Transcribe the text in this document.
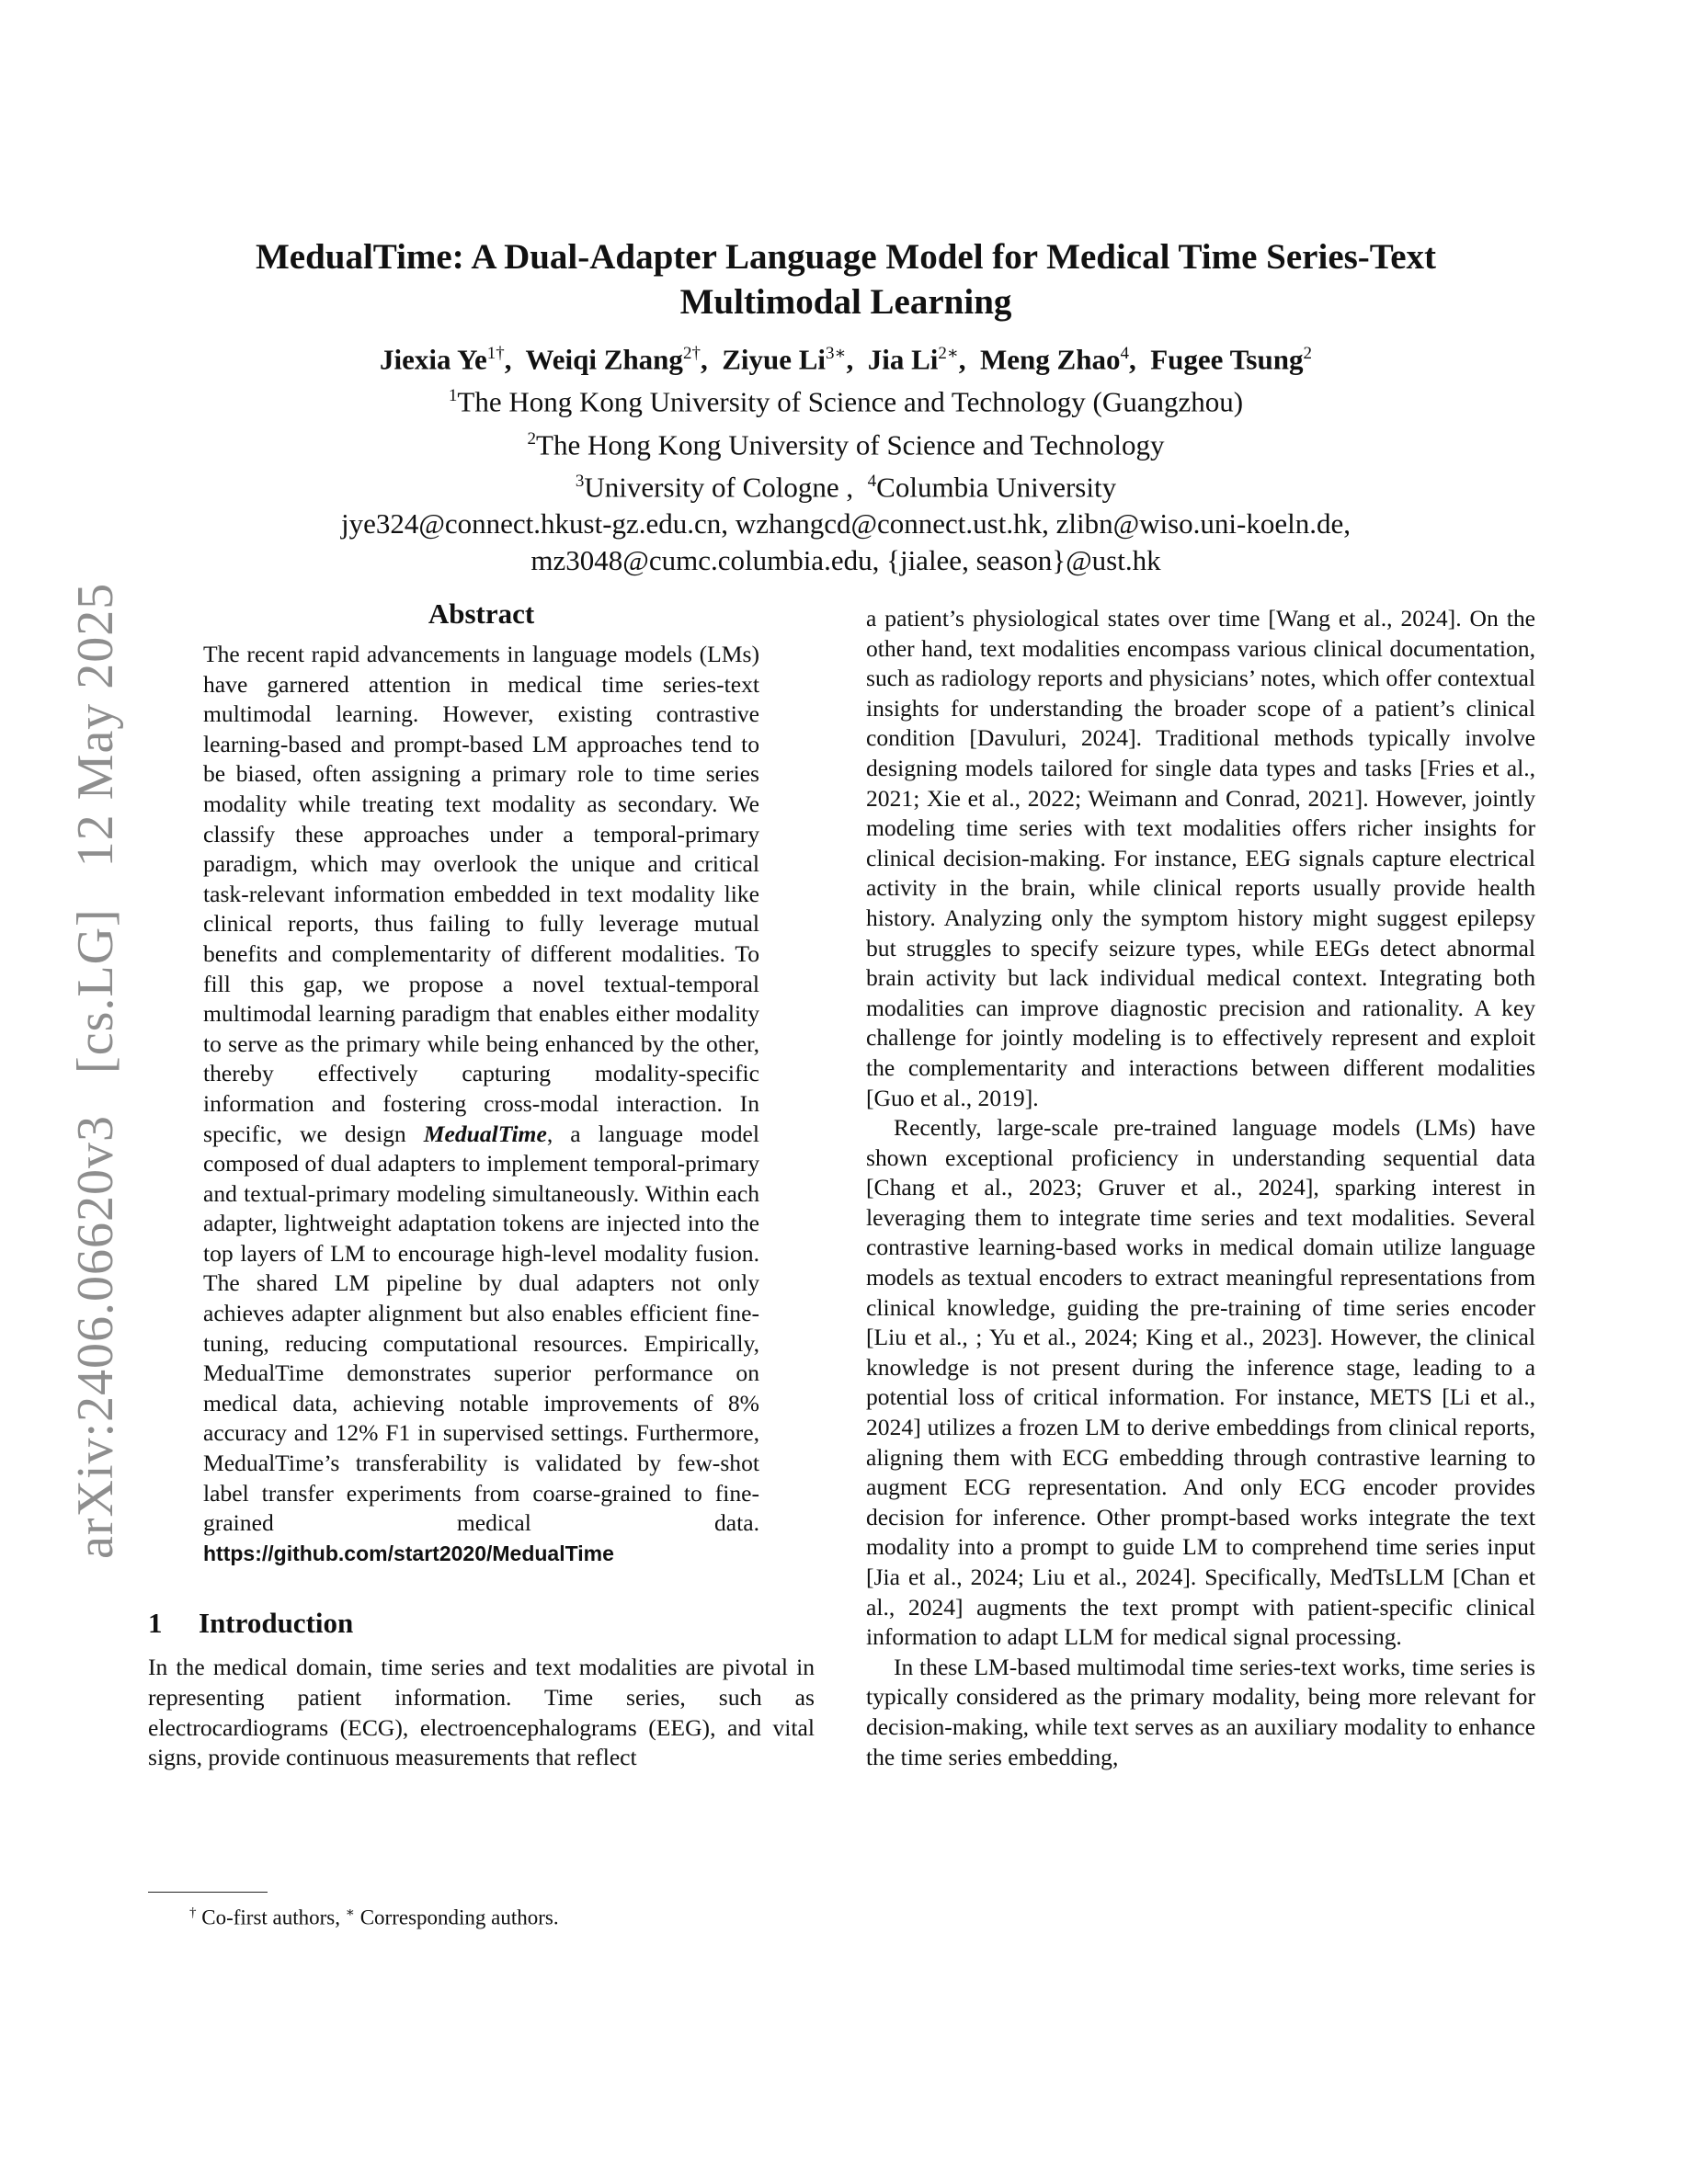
arXiv:2406.06620v3 [cs.LG] 12 May 2025
MedualTime: A Dual-Adapter Language Model for Medical Time Series-Text
Multimodal Learning
Jiexia $Ye^{1\dagger}$,  Weiqi Zhang$^{2\dagger}$,  Ziyue $Li^{3∗}$,  Jia $Li^{2∗}$,  Meng Zhao$^4$,  Fugee Tsung$^2$
$^1$The Hong Kong University of Science and Technology (Guangzhou)
$^2$The Hong Kong University of Science and Technology
$^3$University of Cologne , $^4$Columbia University
jye324@connect.hkust-gz.edu.cn, wzhangcd@connect.ust.hk, zlibn@wiso.uni-koeln.de,
mz3048@cumc.columbia.edu, {jialee, season}@ust.hk
Abstract

The recent rapid advancements in language models (LMs) have garnered attention in medical time series-text multimodal learning. However, existing contrastive learning-based and prompt-based LM approaches tend to be biased, often assigning a primary role to time series modality while treating text modality as secondary. We classify these approaches under a temporal-primary paradigm, which may overlook the unique and critical task-relevant information embedded in text modality like clinical reports, thus failing to fully leverage mutual benefits and complementarity of different modalities. To fill this gap, we propose a novel textual-temporal multimodal learning paradigm that enables either modality to serve as the primary while being enhanced by the other, thereby effectively capturing modality-specific information and fostering cross-modal interaction. In specific, we design MedualTime, a language model composed of dual adapters to implement temporal-primary and textual-primary modeling simultaneously. Within each adapter, lightweight adaptation tokens are injected into the top layers of LM to encourage high-level modality fusion. The shared LM pipeline by dual adapters not only achieves adapter alignment but also enables efficient fine-tuning, reducing computational resources. Empirically, MedualTime demonstrates superior performance on medical data, achieving notable improvements of 8% accuracy and 12% F1 in supervised settings. Furthermore, MedualTime’s transferability is validated by few-shot label transfer experiments from coarse-grained to fine-grained medical data. https://github.com/start2020/MedualTime

1 Introduction

In the medical domain, time series and text modalities are pivotal in representing patient information. Time series, such as electrocardiograms (ECG), electroencephalograms (EEG), and vital signs, provide continuous measurements that reflect

a patient’s physiological states over time [Wang et al., 2024]. On the other hand, text modalities encompass various clinical documentation, such as radiology reports and physicians’ notes, which offer contextual insights for understanding the broader scope of a patient’s clinical condition [Davuluri, 2024]. Traditional methods typically involve designing models tailored for single data types and tasks [Fries et al., 2021; Xie et al., 2022; Weimann and Conrad, 2021]. However, jointly modeling time series with text modalities offers richer insights for clinical decision-making. For instance, EEG signals capture electrical activity in the brain, while clinical reports usually provide health history. Analyzing only the symptom history might suggest epilepsy but struggles to specify seizure types, while EEGs detect abnormal brain activity but lack individual medical context. Integrating both modalities can improve diagnostic precision and rationality. A key challenge for jointly modeling is to effectively represent and exploit the complementarity and interactions between different modalities [Guo et al., 2019].

Recently, large-scale pre-trained language models (LMs) have shown exceptional proficiency in understanding sequential data [Chang et al., 2023; Gruver et al., 2024], sparking interest in leveraging them to integrate time series and text modalities. Several contrastive learning-based works in medical domain utilize language models as textual encoders to extract meaningful representations from clinical knowledge, guiding the pre-training of time series encoder [Liu et al., ; Yu et al., 2024; King et al., 2023]. However, the clinical knowledge is not present during the inference stage, leading to a potential loss of critical information. For instance, METS [Li et al., 2024] utilizes a frozen LM to derive embeddings from clinical reports, aligning them with ECG embedding through contrastive learning to augment ECG representation. And only ECG encoder provides decision for inference. Other prompt-based works integrate the text modality into a prompt to guide LM to comprehend time series input [Jia et al., 2024; Liu et al., 2024]. Specifically, MedTsLLM [Chan et al., 2024] augments the text prompt with patient-specific clinical information to adapt LLM for medical signal processing.

In these LM-based multimodal time series-text works, time series is typically considered as the primary modality, being more relevant for decision-making, while text serves as an auxiliary modality to enhance the time series embedding,

† Co-first authors, ∗ Corresponding authors.
